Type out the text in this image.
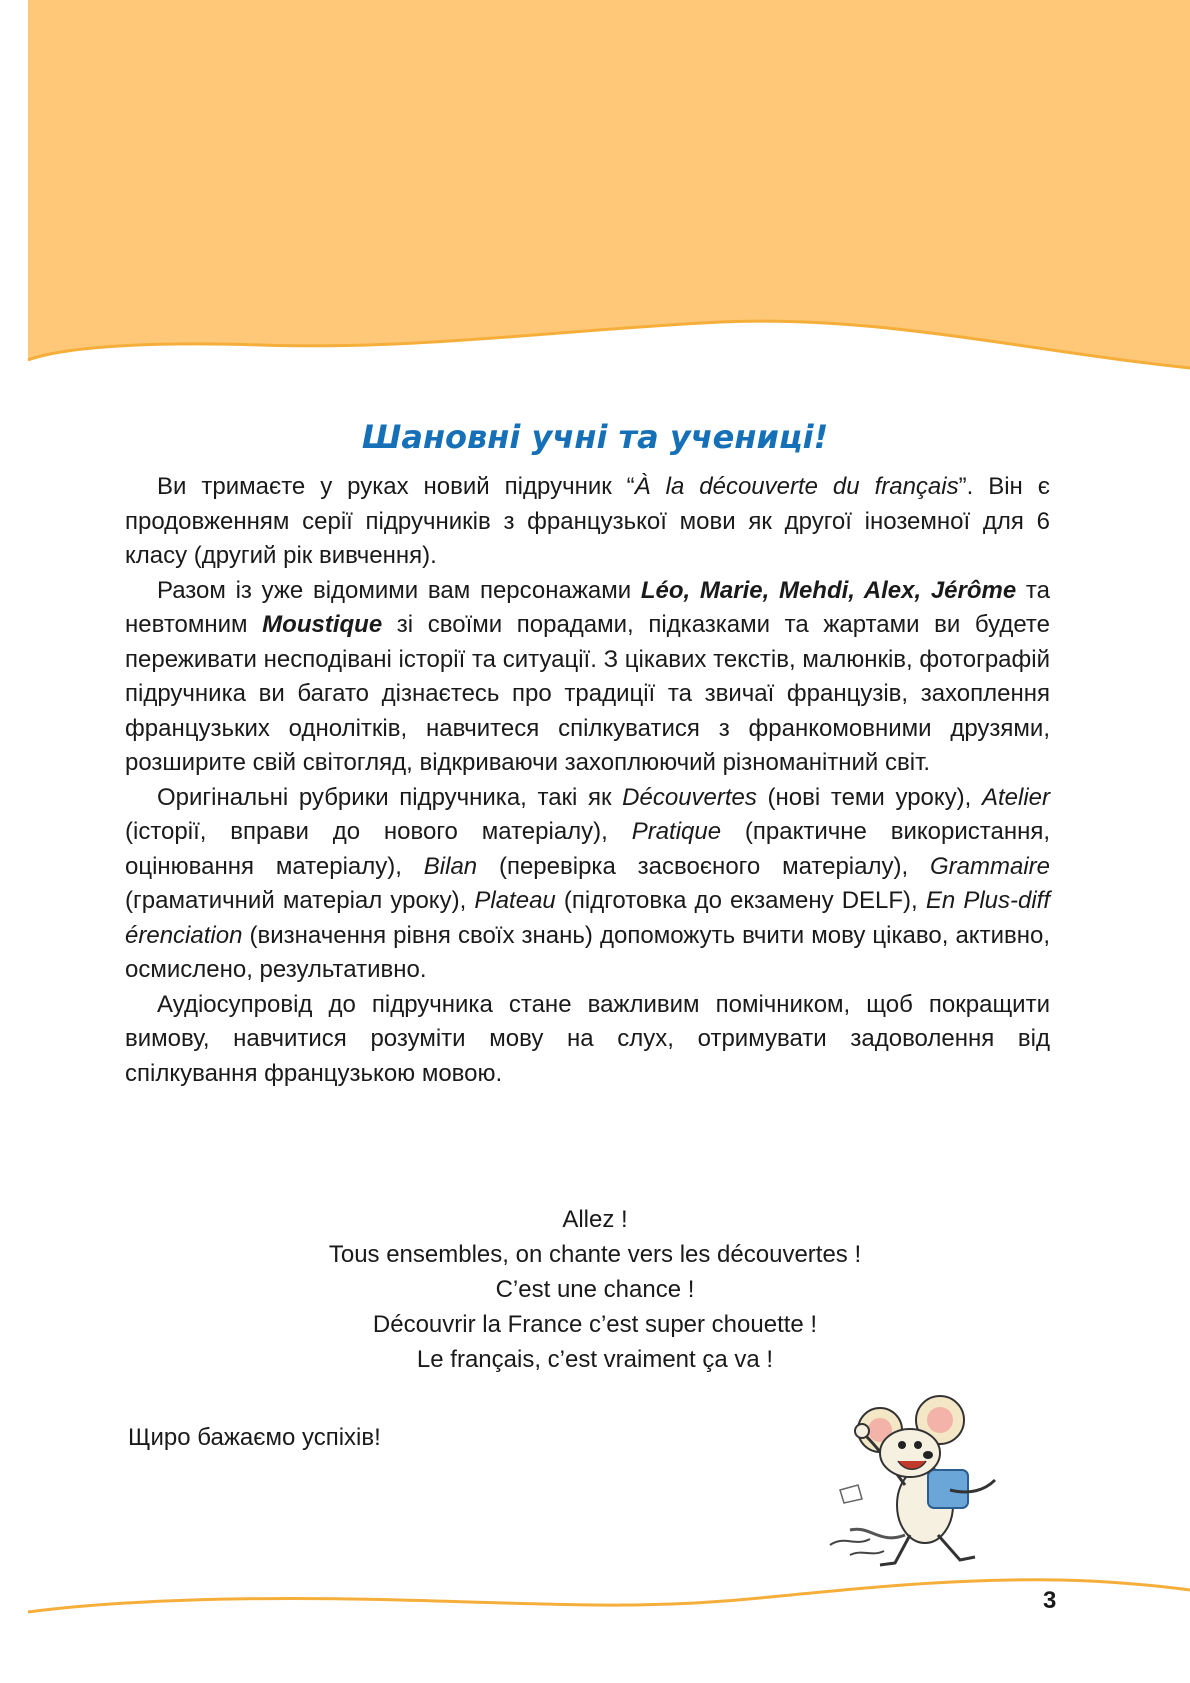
Шановні учні та учениці!

Ви тримаєте у руках новий підручник “À la découverte du français”. Він є продовженням серії підручників з французької мови як другої іноземної для 6 класу (другий рік вивчення).

Разом із уже відомими вам персонажами Léo, Marie, Mehdi, Alex, Jérôme та невтомним Moustique зі своїми порадами, підказками та жартами ви будете переживати несподівані історії та ситуації. З цікавих текстів, малюнків, фотографій підручника ви багато дізнаєтесь про традиції та звичаї французів, захоплення французьких однолітків, навчитеся спілкуватися з франкомовними друзями, розширите свій світогляд, відкриваючи захоплюючий різноманітний світ.

Оригінальні рубрики підручника, такі як Découvertes (нові теми уроку), Atelier (історії, вправи до нового матеріалу), Pratique (практичне використання, оцінювання матеріалу), Bilan (перевірка засвоєного матеріалу), Grammaire (граматичний матеріал уроку), Plateau (підготовка до екзамену DELF), En Plus-diff érenciation (визначення рівня своїх знань) допоможуть вчити мову цікаво, активно, осмислено, результативно.

Аудіосупровід до підручника стане важливим помічником, щоб покращити вимову, навчитися розуміти мову на слух, отримувати задоволення від спілкування французькою мовою.

Allez !
Tous ensembles, on chante vers les découvertes !
C’est une chance !
Découvrir la France c’est super chouette !
Le français, c’est vraiment ça va !
Щиро бажаємо успіхів!
3
